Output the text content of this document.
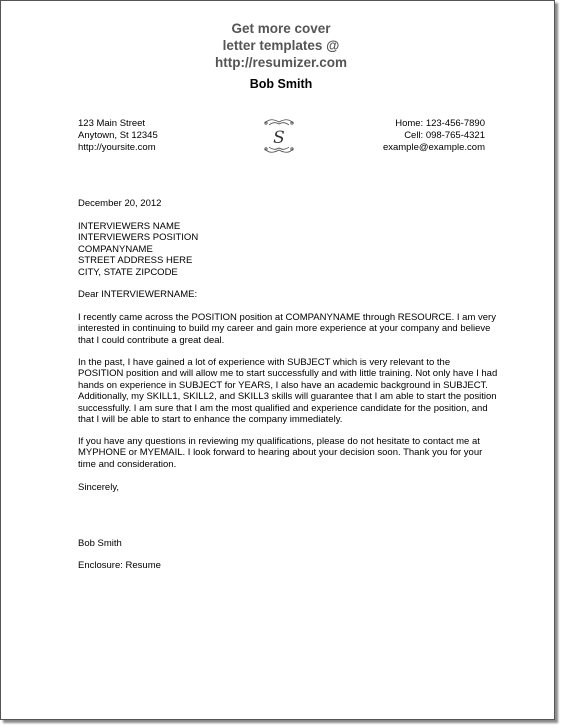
Get more cover
letter templates @
http://resumizer.com
Bob Smith
123 Main Street
Anytown, St 12345
http://yoursite.com	S
Home: 123-456-7890
Cell: 098-765-4321
example@example.com
December 20, 2012
INTERVIEWERS NAME
INTERVIEWERS POSITION
COMPANYNAME
STREET ADDRESS HERE
CITY, STATE ZIPCODE
Dear INTERVIEWERNAME:

I recently came across the POSITION position at COMPANYNAME through RESOURCE. I am very interested in continuing to build my career and gain more experience at your company and believe that I could contribute a great deal.

In the past, I have gained a lot of experience with SUBJECT which is very relevant to the POSITION position and will allow me to start successfully and with little training. Not only have I had hands on experience in SUBJECT for YEARS, I also have an academic background in SUBJECT. Additionally, my SKILL1, SKILL2, and SKILL3 skills will guarantee that I am able to start the position successfully. I am sure that I am the most qualified and experience candidate for the position, and that I will be able to start to enhance the company immediately.

If you have any questions in reviewing my qualifications, please do not hesitate to contact me at MYPHONE or MYEMAIL. I look forward to hearing about your decision soon. Thank you for your time and consideration.

Sincerely,
Bob Smith
Enclosure: Resume
